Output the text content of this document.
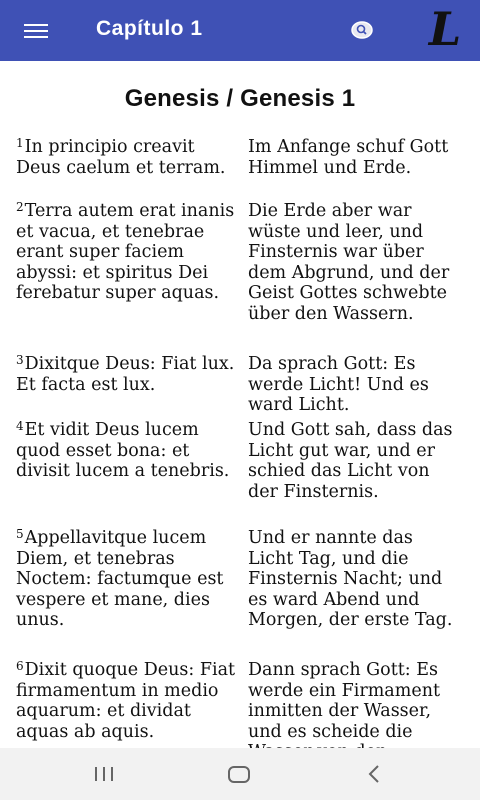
Capítulo 1	L
Genesis / Genesis 1
$^1$In principio creavit Deus caelum et terram.
Im Anfange schuf Gott Himmel und Erde.
$^2$Terra autem erat inanis et vacua, et tenebrae erant super faciem abyssi: et spiritus Dei ferebatur super aquas.
Die Erde aber war wüste und leer, und Finsternis war über dem Abgrund, und der Geist Gottes schwebte über den Wassern.
$^3$Dixitque Deus: Fiat lux. Et facta est lux.
Da sprach Gott: Es werde Licht! Und es ward Licht.
$^4$Et vidit Deus lucem quod esset bona: et divisit lucem a tenebris.
Und Gott sah, dass das Licht gut war, und er schied das Licht von der Finsternis.
$^5$Appellavitque lucem Diem, et tenebras Noctem: factumque est vespere et mane, dies unus.
Und er nannte das Licht Tag, und die Finsternis Nacht; und es ward Abend und Morgen, der erste Tag.
$^6$Dixit quoque Deus: Fiat firmamentum in medio aquarum: et dividat aquas ab aquis.
Dann sprach Gott: Es werde ein Firmament inmitten der Wasser, und es scheide die
